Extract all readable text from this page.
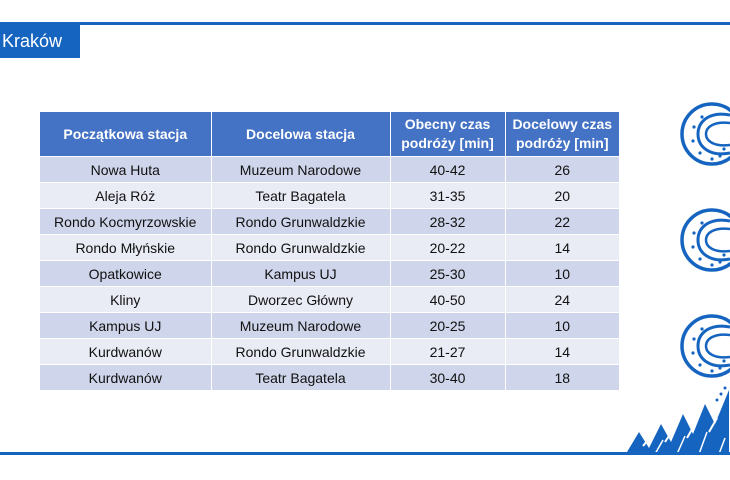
Kraków
Początkowa stacja	Docelowa stacja	Obecny czas podróży [min]	Docelowy czas podróży [min]
Nowa Huta	Muzeum Narodowe	40-42	26
Aleja Róż	Teatr Bagatela	31-35	20
Rondo Kocmyrzowskie	Rondo Grunwaldzkie	28-32	22
Rondo Młyńskie	Rondo Grunwaldzkie	20-22	14
Opatkowice	Kampus UJ	25-30	10
Kliny	Dworzec Główny	40-50	24
Kampus UJ	Muzeum Narodowe	20-25	10
Kurdwanów	Rondo Grunwaldzkie	21-27	14
Kurdwanów	Teatr Bagatela	30-40	18
